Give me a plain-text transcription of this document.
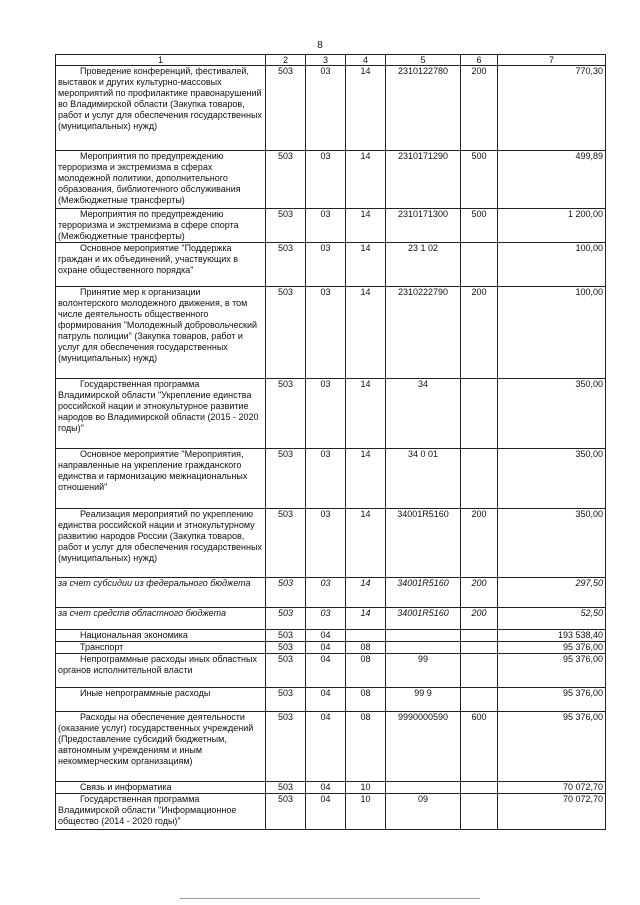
8
1	2	3	4	5	6	7
Проведение конференций, фестивалей, выставок и других культурно-массовых мероприятий по профилактике правонарушений во Владимирской области (Закупка товаров, работ и услуг для обеспечения государственных (муниципальных) нужд)	503	03	14	2310122780	200	770,30
Мероприятия по предупреждению терроризма и экстремизма в сферах молодежной политики, дополнительного образования, библиотечного обслуживания (Межбюджетные трансферты)	503	03	14	2310171290	500	499,89
Мероприятия по предупреждению терроризма и экстремизма в сфере спорта (Межбюджетные трансферты)	503	03	14	2310171300	500	1 200,00
Основное мероприятие "Поддержка граждан и их объединений, участвующих в охране общественного порядка"	503	03	14	23 1 02		100,00
Принятие мер к организации волонтерского молодежного движения, в том числе деятельность общественного формирования "Молодежный добровольческий патруль полиции" (Закупка товаров, работ и услуг для обеспечения государственных (муниципальных) нужд)	503	03	14	2310222790	200	100,00
Государственная программа Владимирской области "Укрепление единства российской нации и этнокультурное развитие народов во Владимирской области (2015 - 2020 годы)"	503	03	14	34		350,00
Основное мероприятие "Мероприятия, направленные на укрепление гражданского единства и гармонизацию межнациональных отношений"	503	03	14	34 0 01		350,00
Реализация мероприятий по укреплению единства российской нации и этнокультурному развитию народов России (Закупка товаров, работ и услуг для обеспечения государственных (муниципальных) нужд)	503	03	14	34001R5160	200	350,00
за счет субсидии из федерального бюджета	503	03	14	34001R5160	200	297,50
за счет средств областного бюджета	503	03	14	34001R5160	200	52,50
Национальная экономика	503	04				193 538,40
Транспорт	503	04	08			95 376,00
Непрограммные расходы иных областных органов исполнительной власти	503	04	08	99		95 376,00
Иные непрограммные расходы	503	04	08	99 9		95 376,00
Расходы на обеспечение деятельности (оказание услуг) государственных учреждений (Предоставление субсидий бюджетным, автономным учреждениям и иным некоммерческим организациям)	503	04	08	9990000590	600	95 376,00
Связь и информатика	503	04	10			70 072,70
Государственная программа Владимирской области "Информационное общество (2014 - 2020 годы)"	503	04	10	09		70 072,70
